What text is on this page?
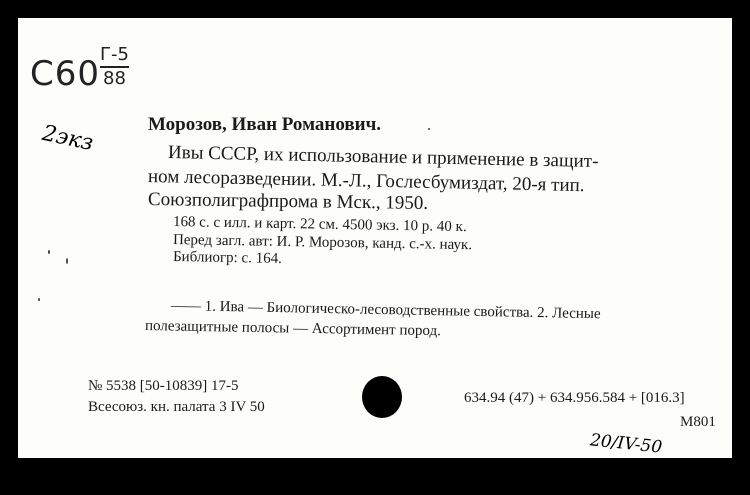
C60 Г-5
88
2экз	Морозов, Иван Романович.
Ивы СССР, их использование и применение в защит-
ном лесоразведении. М.-Л., Гослесбумиздат, 20-я тип.
Союзполиграфпрома в Мск., 1950.
168 с. с илл. и карт. 22 см. 4500 экз. 10 р. 40 к.
Перед загл. авт: И. Р. Морозов, канд. с.-х. наук.
Библиогр: с. 164.
—— 1. Ива — Биологическо-лесоводственные свойства. 2. Лесные
полезащитные полосы — Ассортимент пород.
№ 5538 [50-10839] 17-5
Всесоюз. кн. палата 3 IV 50
634.94 (47) + 634.956.584 + [016.3]
M801
20/IV-50
